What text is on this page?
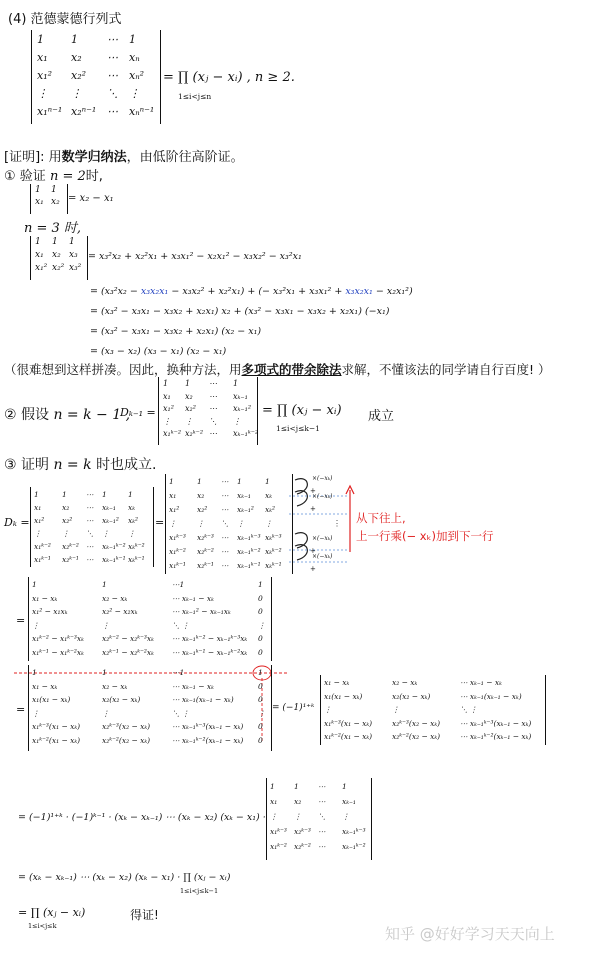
(4) 范德蒙德行列式
1	1	⋯	1
x₁	x₂	⋯	xₙ
x₁²	x₂²	⋯	xₙ²
⋮	⋮	⋱	⋮
x₁ⁿ⁻¹ x₂ⁿ⁻¹ ⋯	xₙⁿ⁻¹
= ∏ (xⱼ − xᵢ) , n ≥ 2.
1≤i<j≤n
[证明]: 用数学归纳法，由低阶往高阶证。
① 验证 n = 2时,
1	1
x₁ x₂ = x₂ − x₁
n = 3 时,
1	1	1
x₁ x₂ x₃
x₁² x₂² x₃²
= x₃²x₂ + x₂²x₁ + x₃x₁² − x₂x₁² − x₃x₂² − x₃²x₁
= (x₃²x₂ − x₃x₂x₁ − x₃x₂² + x₂²x₁) + (− x₃²x₁ + x₃x₁² + x₃x₂x₁ − x₂x₁²)
= (x₃² − x₃x₁ − x₃x₂ + x₂x₁) x₂ + (x₃² − x₃x₁ − x₃x₂ + x₂x₁) (−x₁)
= (x₃² − x₃x₁ − x₃x₂ + x₂x₁) (x₂ − x₁)
= (x₃ − x₂) (x₃ − x₁) (x₂ − x₁)
（很难想到这样拼凑。因此，换种方法，用多项式的带余除法求解，不懂该法的同学请自行百度! ）
② 假设 n = k − 1 ,
Dₖ₋₁ =
1	1	⋯	1
x₁	x₂	⋯	xₖ₋₁
x₁²	x₂²	⋯	xₖ₋₁²
⋮	⋮	⋱	⋮
x₁ᵏ⁻² x₂ᵏ⁻² ⋯	xₖ₋₁ᵏ⁻²
= ∏ (xⱼ − xᵢ)
1≤i<j≤k−1
成立
③ 证明 n = k 时也成立.
Dₖ =
1	1	⋯	1	1
x₁	x₂	⋯	xₖ₋₁	xₖ
x₁²	x₂²	⋯	xₖ₋₁²	xₖ²
⋮	⋮	⋱	⋮	⋮
x₁ᵏ⁻²	x₂ᵏ⁻² ⋯	xₖ₋₁ᵏ⁻² xₖᵏ⁻²
x₁ᵏ⁻¹	x₂ᵏ⁻¹ ⋯	xₖ₋₁ᵏ⁻¹ xₖᵏ⁻¹
=
1	1	⋯	1	1
x₁	x₂	⋯	xₖ₋₁	xₖ
x₁²	x₂²	⋯	xₖ₋₁²	xₖ²
⋮	⋮	⋱	⋮	⋮
x₁ᵏ⁻³	x₂ᵏ⁻³ ⋯	xₖ₋₁ᵏ⁻³ xₖᵏ⁻³
x₁ᵏ⁻²	x₂ᵏ⁻² ⋯	xₖ₋₁ᵏ⁻² xₖᵏ⁻²
x₁ᵏ⁻¹	x₂ᵏ⁻¹ ⋯	xₖ₋₁ᵏ⁻¹ xₖᵏ⁻¹
⋮
×(−xₖ)
+
×(−xₖ)
+
×(−xₖ)
+
×(−xₖ)
+
从下往上,
上一行乘(− xₖ)加到下一行
=
1	1	⋯1	1
x₁ − xₖ	x₂ − xₖ	⋯ xₖ₋₁ − xₖ	0
x₁² − x₁xₖ	x₂² − x₂xₖ	⋯ xₖ₋₁² − xₖ₋₁xₖ	0
⋮	⋮	⋱ ⋮	⋮
x₁ᵏ⁻² − x₁ᵏ⁻³xₖ	x₂ᵏ⁻² − x₂ᵏ⁻³xₖ	⋯ xₖ₋₁ᵏ⁻² − xₖ₋₁ᵏ⁻³xₖ	0
x₁ᵏ⁻¹ − x₁ᵏ⁻²xₖ	x₂ᵏ⁻¹ − x₂ᵏ⁻²xₖ	⋯ xₖ₋₁ᵏ⁻¹ − xₖ₋₁ᵏ⁻²xₖ	0
=
1	1	⋯1	1
x₁ − xₖ	x₂ − xₖ	⋯ xₖ₋₁ − xₖ	0
x₁(x₁ − xₖ)	x₂(x₂ − xₖ)	⋯ xₖ₋₁(xₖ₋₁ − xₖ)	0
⋮	⋮	⋱ ⋮	⋮
x₁ᵏ⁻³(x₁ − xₖ)	x₂ᵏ⁻³(x₂ − xₖ)	⋯ xₖ₋₁ᵏ⁻³(xₖ₋₁ − xₖ)	0
x₁ᵏ⁻²(x₁ − xₖ)	x₂ᵏ⁻²(x₂ − xₖ)	⋯ xₖ₋₁ᵏ⁻²(xₖ₋₁ − xₖ)	0
= (−1)¹⁺ᵏ
x₁ − xₖ	x₂ − xₖ	⋯ xₖ₋₁ − xₖ
x₁(x₁ − xₖ)	x₂(x₂ − xₖ)	⋯ xₖ₋₁(xₖ₋₁ − xₖ)
⋮	⋮	⋱ ⋮
x₁ᵏ⁻³(x₁ − xₖ)	x₂ᵏ⁻³(x₂ − xₖ)	⋯ xₖ₋₁ᵏ⁻³(xₖ₋₁ − xₖ)
x₁ᵏ⁻²(x₁ − xₖ)	x₂ᵏ⁻²(x₂ − xₖ)	⋯ xₖ₋₁ᵏ⁻²(xₖ₋₁ − xₖ)
= (−1)¹⁺ᵏ · (−1)ᵏ⁻¹ · (xₖ − xₖ₋₁) ⋯ (xₖ − x₂) (xₖ − x₁) ·
1	1	⋯	1
x₁	x₂	⋯	xₖ₋₁
⋮	⋮	⋱	⋮
x₁ᵏ⁻³ x₂ᵏ⁻³ ⋯	xₖ₋₁ᵏ⁻³
x₁ᵏ⁻² x₂ᵏ⁻² ⋯	xₖ₋₁ᵏ⁻²
= (xₖ − xₖ₋₁) ⋯ (xₖ − x₂) (xₖ − x₁) · ∏ (xⱼ − xᵢ)
1≤i<j≤k−1
= ∏ (xⱼ − xᵢ)
1≤i<j≤k
得证!
知乎 @好好学习天天向上
